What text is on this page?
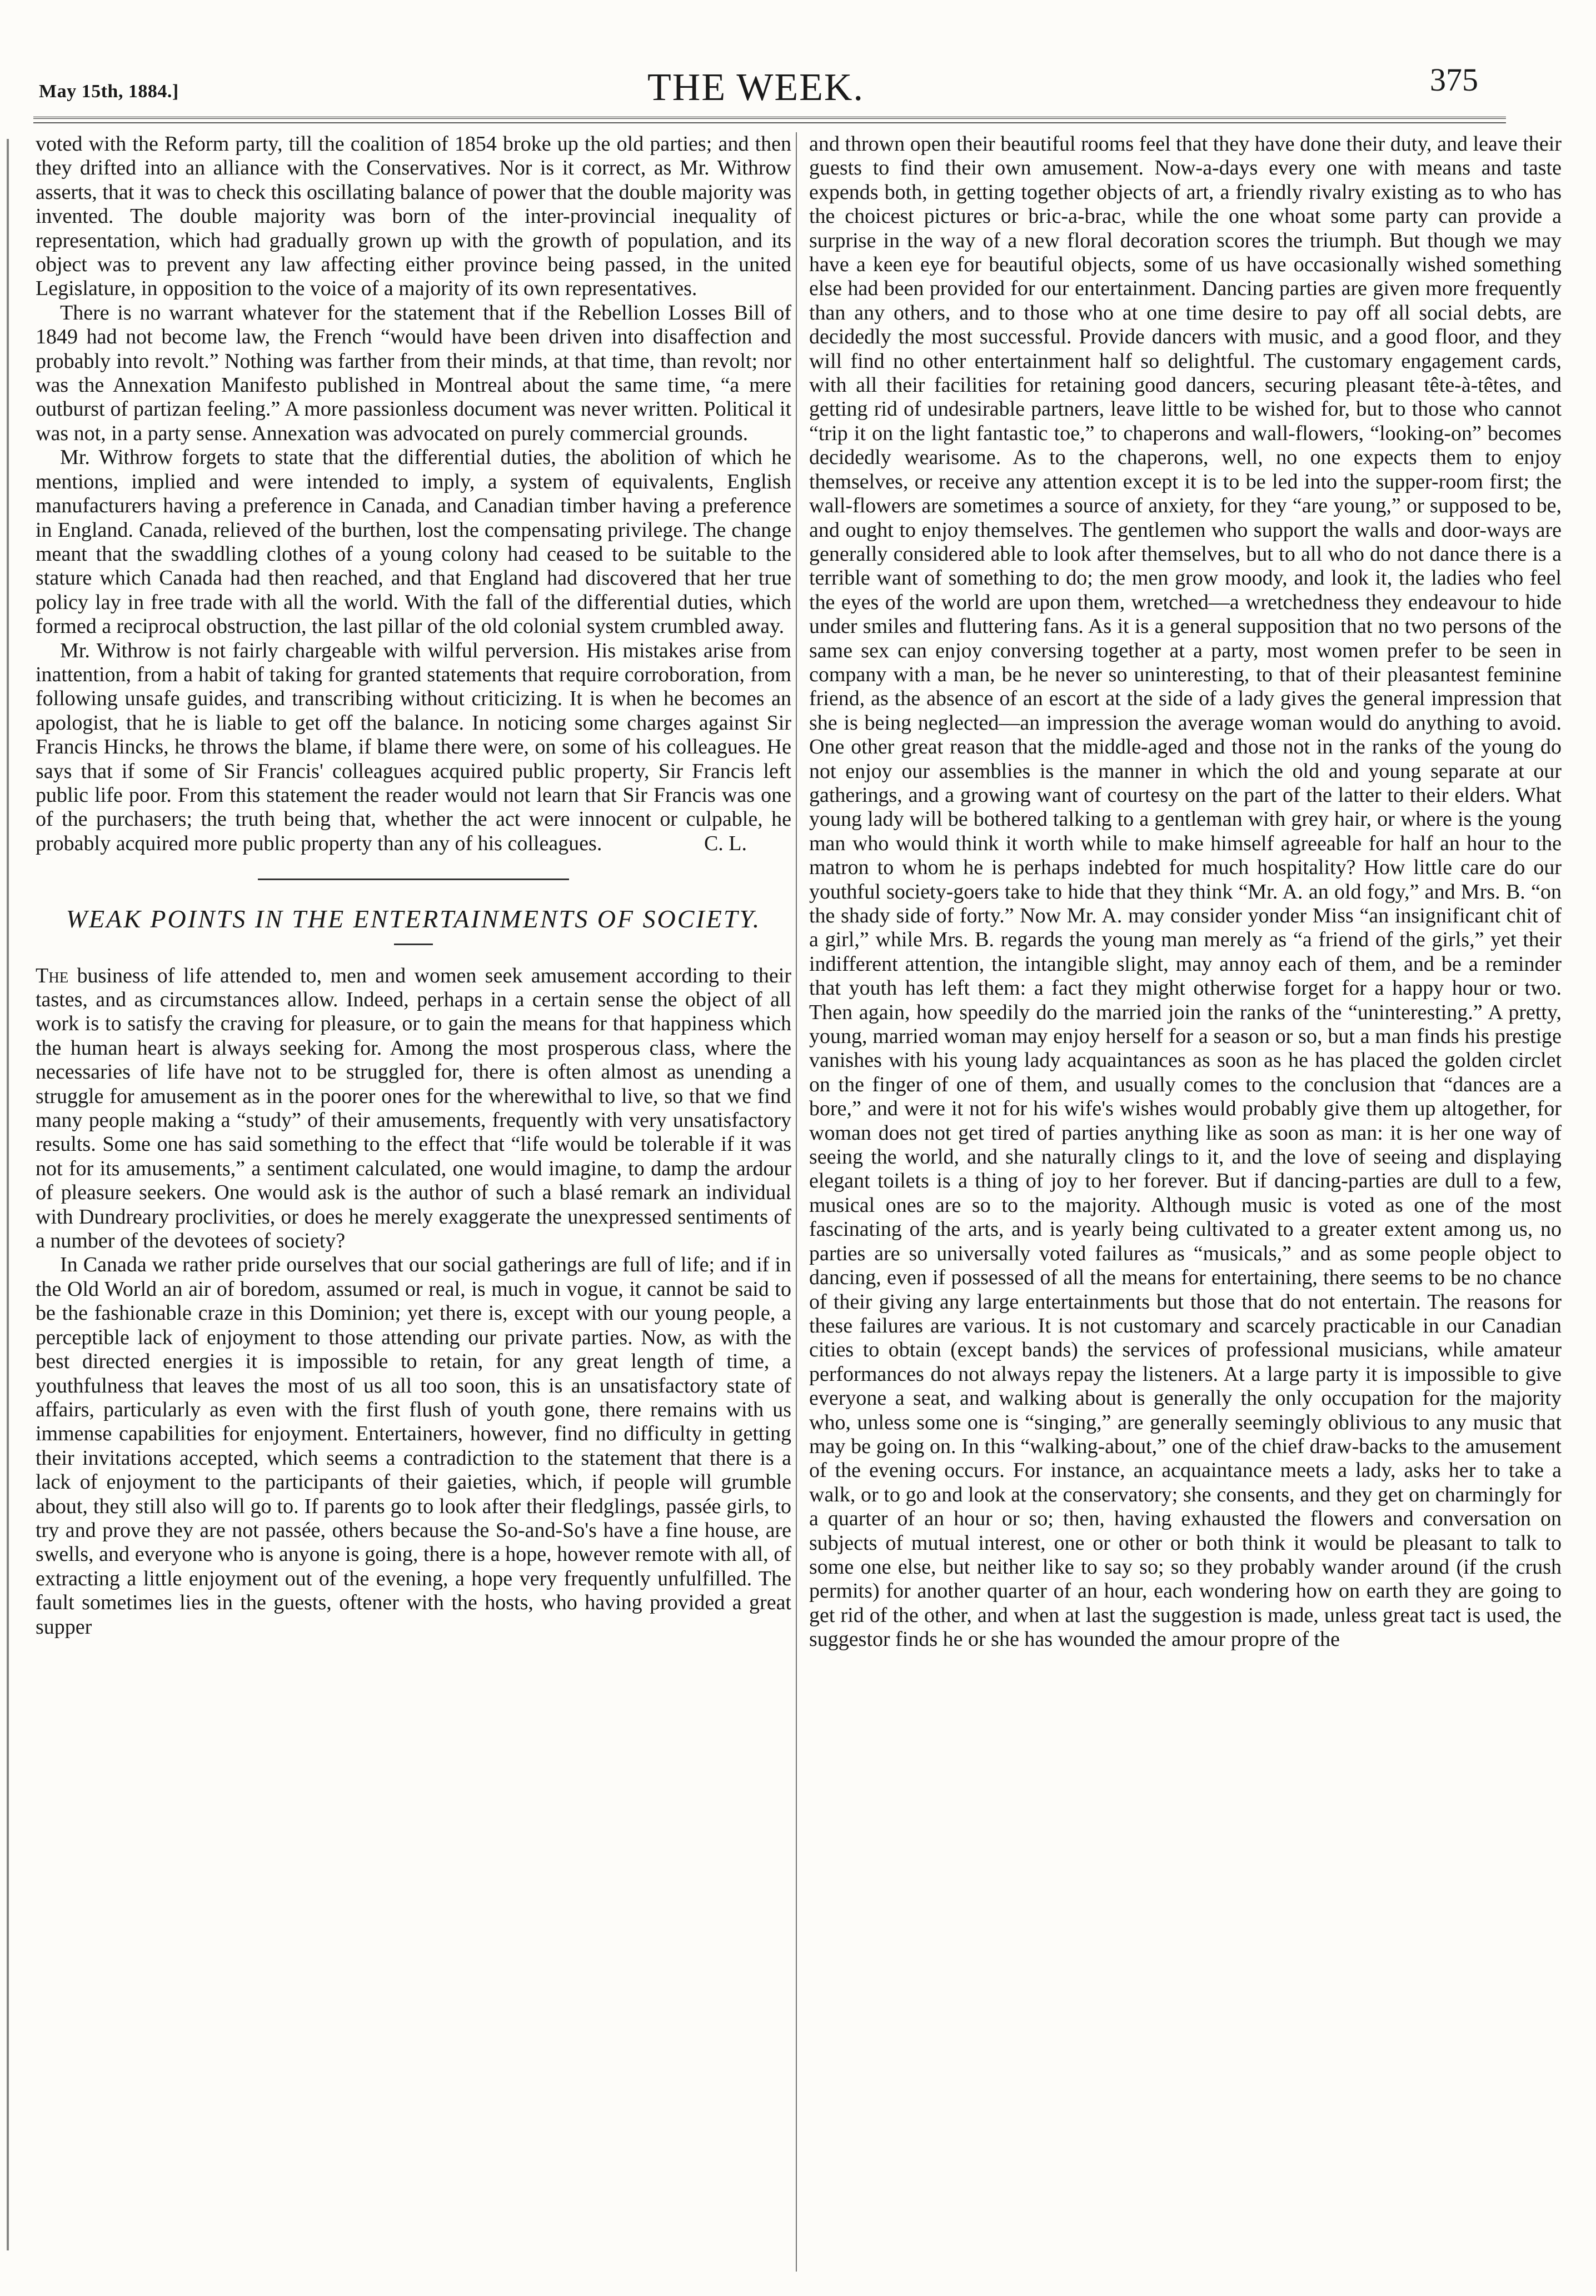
May 15th, 1884.]	THE WEEK.	375

voted with the Reform party, till the coalition of 1854 broke up the old parties; and then they drifted into an alliance with the Conservatives. Nor is it correct, as Mr. Withrow asserts, that it was to check this oscillating balance of power that the double majority was invented. The double majority was born of the inter-provincial inequality of representation, which had gradually grown up with the growth of population, and its object was to prevent any law affecting either province being passed, in the united Legislature, in opposition to the voice of a majority of its own representatives.

There is no warrant whatever for the statement that if the Rebellion Losses Bill of 1849 had not become law, the French “would have been driven into disaffection and probably into revolt.” Nothing was farther from their minds, at that time, than revolt; nor was the Annexation Manifesto published in Montreal about the same time, “a mere outburst of partizan feeling.” A more passionless document was never written. Political it was not, in a party sense. Annexation was advocated on purely commercial grounds.

Mr. Withrow forgets to state that the differential duties, the abolition of which he mentions, implied and were intended to imply, a system of equivalents, English manufacturers having a preference in Canada, and Canadian timber having a preference in England. Canada, relieved of the burthen, lost the compensating privilege. The change meant that the swaddling clothes of a young colony had ceased to be suitable to the stature which Canada had then reached, and that England had discovered that her true policy lay in free trade with all the world. With the fall of the differential duties, which formed a reciprocal obstruction, the last pillar of the old colonial system crumbled away.

Mr. Withrow is not fairly chargeable with wilful perversion. His mistakes arise from inattention, from a habit of taking for granted statements that require corroboration, from following unsafe guides, and transcribing without criticizing. It is when he becomes an apologist, that he is liable to get off the balance. In noticing some charges against Sir Francis Hincks, he throws the blame, if blame there were, on some of his colleagues. He says that if some of Sir Francis' colleagues acquired public property, Sir Francis left public life poor. From this statement the reader would not learn that Sir Francis was one of the purchasers; the truth being that, whether the act were innocent or culpable, he probably acquired more public property than any of his colleagues.	C. L.
WEAK POINTS IN THE ENTERTAINMENTS OF SOCIETY.

The business of life attended to, men and women seek amusement according to their tastes, and as circumstances allow. Indeed, perhaps in a certain sense the object of all work is to satisfy the craving for pleasure, or to gain the means for that happiness which the human heart is always seeking for. Among the most prosperous class, where the necessaries of life have not to be struggled for, there is often almost as unending a struggle for amusement as in the poorer ones for the wherewithal to live, so that we find many people making a “study” of their amusements, frequently with very unsatisfactory results. Some one has said something to the effect that “life would be tolerable if it was not for its amusements,” a sentiment calculated, one would imagine, to damp the ardour of pleasure seekers. One would ask is the author of such a blasé remark an individual with Dundreary proclivities, or does he merely exaggerate the unexpressed sentiments of a number of the devotees of society?

In Canada we rather pride ourselves that our social gatherings are full of life; and if in the Old World an air of boredom, assumed or real, is much in vogue, it cannot be said to be the fashionable craze in this Dominion; yet there is, except with our young people, a perceptible lack of enjoyment to those attending our private parties. Now, as with the best directed energies it is impossible to retain, for any great length of time, a youthfulness that leaves the most of us all too soon, this is an unsatisfactory state of affairs, particularly as even with the first flush of youth gone, there remains with us immense capabilities for enjoyment. Entertainers, however, find no difficulty in getting their invitations accepted, which seems a contradiction to the statement that there is a lack of enjoyment to the participants of their gaieties, which, if people will grumble about, they still also will go to. If parents go to look after their fledglings, passée girls, to try and prove they are not passée, others because the So-and-So's have a fine house, are swells, and everyone who is anyone is going, there is a hope, however remote with all, of extracting a little enjoyment out of the evening, a hope very frequently unfulfilled. The fault sometimes lies in the guests, oftener with the hosts, who having provided a great supper

and thrown open their beautiful rooms feel that they have done their duty, and leave their guests to find their own amusement. Now-a-days every one with means and taste expends both, in getting together objects of art, a friendly rivalry existing as to who has the choicest pictures or bric-a-brac, while the one whoat some party can provide a surprise in the way of a new floral decoration scores the triumph. But though we may have a keen eye for beautiful objects, some of us have occasionally wished something else had been provided for our entertainment. Dancing parties are given more frequently than any others, and to those who at one time desire to pay off all social debts, are decidedly the most successful. Provide dancers with music, and a good floor, and they will find no other entertainment half so delightful. The customary engagement cards, with all their facilities for retaining good dancers, securing pleasant tête-à-têtes, and getting rid of undesirable partners, leave little to be wished for, but to those who cannot “trip it on the light fantastic toe,” to chaperons and wall-flowers, “looking-on” becomes decidedly wearisome. As to the chaperons, well, no one expects them to enjoy themselves, or receive any attention except it is to be led into the supper-room first; the wall-flowers are sometimes a source of anxiety, for they “are young,” or supposed to be, and ought to enjoy themselves. The gentlemen who support the walls and door-ways are generally considered able to look after themselves, but to all who do not dance there is a terrible want of something to do; the men grow moody, and look it, the ladies who feel the eyes of the world are upon them, wretched—a wretchedness they endeavour to hide under smiles and fluttering fans. As it is a general supposition that no two persons of the same sex can enjoy conversing together at a party, most women prefer to be seen in company with a man, be he never so uninteresting, to that of their pleasantest feminine friend, as the absence of an escort at the side of a lady gives the general impression that she is being neglected—an impression the average woman would do anything to avoid. One other great reason that the middle-aged and those not in the ranks of the young do not enjoy our assemblies is the manner in which the old and young separate at our gatherings, and a growing want of courtesy on the part of the latter to their elders. What young lady will be bothered talking to a gentleman with grey hair, or where is the young man who would think it worth while to make himself agreeable for half an hour to the matron to whom he is perhaps indebted for much hospitality? How little care do our youthful society-goers take to hide that they think “Mr. A. an old fogy,” and Mrs. B. “on the shady side of forty.” Now Mr. A. may consider yonder Miss “an insignificant chit of a girl,” while Mrs. B. regards the young man merely as “a friend of the girls,” yet their indifferent attention, the intangible slight, may annoy each of them, and be a reminder that youth has left them: a fact they might otherwise forget for a happy hour or two. Then again, how speedily do the married join the ranks of the “uninteresting.” A pretty, young, married woman may enjoy herself for a season or so, but a man finds his prestige vanishes with his young lady acquaintances as soon as he has placed the golden circlet on the finger of one of them, and usually comes to the conclusion that “dances are a bore,” and were it not for his wife's wishes would probably give them up altogether, for woman does not get tired of parties anything like as soon as man: it is her one way of seeing the world, and she naturally clings to it, and the love of seeing and displaying elegant toilets is a thing of joy to her forever. But if dancing-parties are dull to a few, musical ones are so to the majority. Although music is voted as one of the most fascinating of the arts, and is yearly being cultivated to a greater extent among us, no parties are so universally voted failures as “musicals,” and as some people object to dancing, even if possessed of all the means for entertaining, there seems to be no chance of their giving any large entertainments but those that do not entertain. The reasons for these failures are various. It is not customary and scarcely practicable in our Canadian cities to obtain (except bands) the services of professional musicians, while amateur performances do not always repay the listeners. At a large party it is impossible to give everyone a seat, and walking about is generally the only occupation for the majority who, unless some one is “singing,” are generally seemingly oblivious to any music that may be going on. In this “walking-about,” one of the chief draw-backs to the amusement of the evening occurs. For instance, an acquaintance meets a lady, asks her to take a walk, or to go and look at the conservatory; she consents, and they get on charmingly for a quarter of an hour or so; then, having exhausted the flowers and conversation on subjects of mutual interest, one or other or both think it would be pleasant to talk to some one else, but neither like to say so; so they probably wander around (if the crush permits) for another quarter of an hour, each wondering how on earth they are going to get rid of the other, and when at last the suggestion is made, unless great tact is used, the suggestor finds he or she has wounded the amour propre of the
